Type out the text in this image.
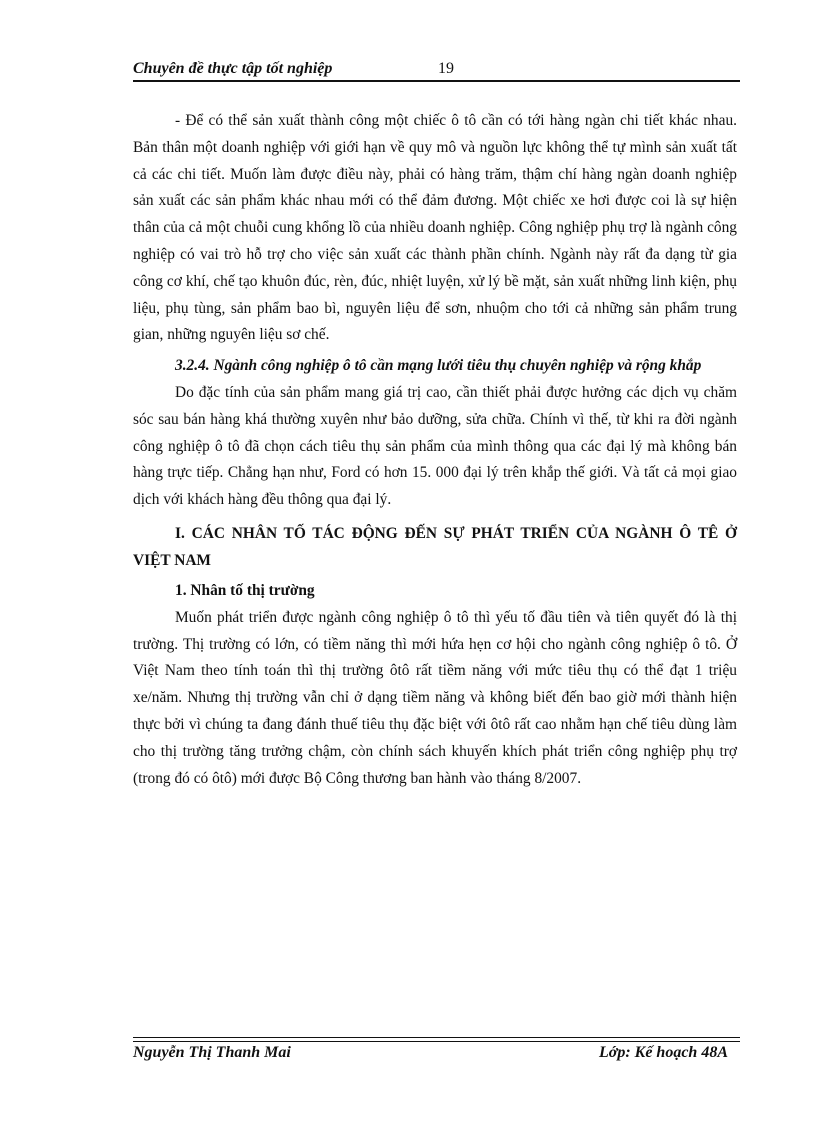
Chuyên đề thực tập tốt nghiệp	19

- Để có thể sản xuất thành công một chiếc ô tô cần có tới hàng ngàn chi tiết khác nhau. Bản thân một doanh nghiệp với giới hạn về quy mô và nguồn lực không thể tự mình sản xuất tất cả các chi tiết. Muốn làm được điều này, phải có hàng trăm, thậm chí hàng ngàn doanh nghiệp sản xuất các sản phẩm khác nhau mới có thể đảm đương. Một chiếc xe hơi được coi là sự hiện thân của cả một chuỗi cung khổng lồ của nhiều doanh nghiệp. Công nghiệp phụ trợ là ngành công nghiệp có vai trò hỗ trợ cho việc sản xuất các thành phần chính. Ngành này rất đa dạng từ gia công cơ khí, chế tạo khuôn đúc, rèn, đúc, nhiệt luyện, xử lý bề mặt, sản xuất những linh kiện, phụ liệu, phụ tùng, sản phẩm bao bì, nguyên liệu để sơn, nhuộm cho tới cả những sản phẩm trung gian, những nguyên liệu sơ chế.

3.2.4. Ngành công nghiệp ô tô cần mạng lưới tiêu thụ chuyên nghiệp và rộng khắp

Do đặc tính của sản phẩm mang giá trị cao, cần thiết phải được hưởng các dịch vụ chăm sóc sau bán hàng khá thường xuyên như bảo dưỡng, sửa chữa. Chính vì thế, từ khi ra đời ngành công nghiệp ô tô đã chọn cách tiêu thụ sản phẩm của mình thông qua các đại lý mà không bán hàng trực tiếp. Chẳng hạn như, Ford có hơn 15. 000 đại lý trên khắp thế giới. Và tất cả mọi giao dịch với khách hàng đều thông qua đại lý.

I. CÁC NHÂN TỐ TÁC ĐỘNG ĐẾN SỰ PHÁT TRIỂN CỦA NGÀNH Ô TÊ Ở VIỆT NAM

1. Nhân tố thị trường

Muốn phát triển được ngành công nghiệp ô tô thì yếu tố đầu tiên và tiên quyết đó là thị trường. Thị trường có lớn, có tiềm năng thì mới hứa hẹn cơ hội cho ngành công nghiệp ô tô. Ở Việt Nam theo tính toán thì thị trường ôtô rất tiềm năng với mức tiêu thụ có thể đạt 1 triệu xe/năm. Nhưng thị trường vẫn chỉ ở dạng tiềm năng và không biết đến bao giờ mới thành hiện thực bởi vì chúng ta đang đánh thuế tiêu thụ đặc biệt với ôtô rất cao nhằm hạn chế tiêu dùng làm cho thị trường tăng trưởng chậm, còn chính sách khuyến khích phát triển công nghiệp phụ trợ (trong đó có ôtô) mới được Bộ Công thương ban hành vào tháng 8/2007.

Nguyễn Thị Thanh Mai	Lớp: Kế hoạch 48A
